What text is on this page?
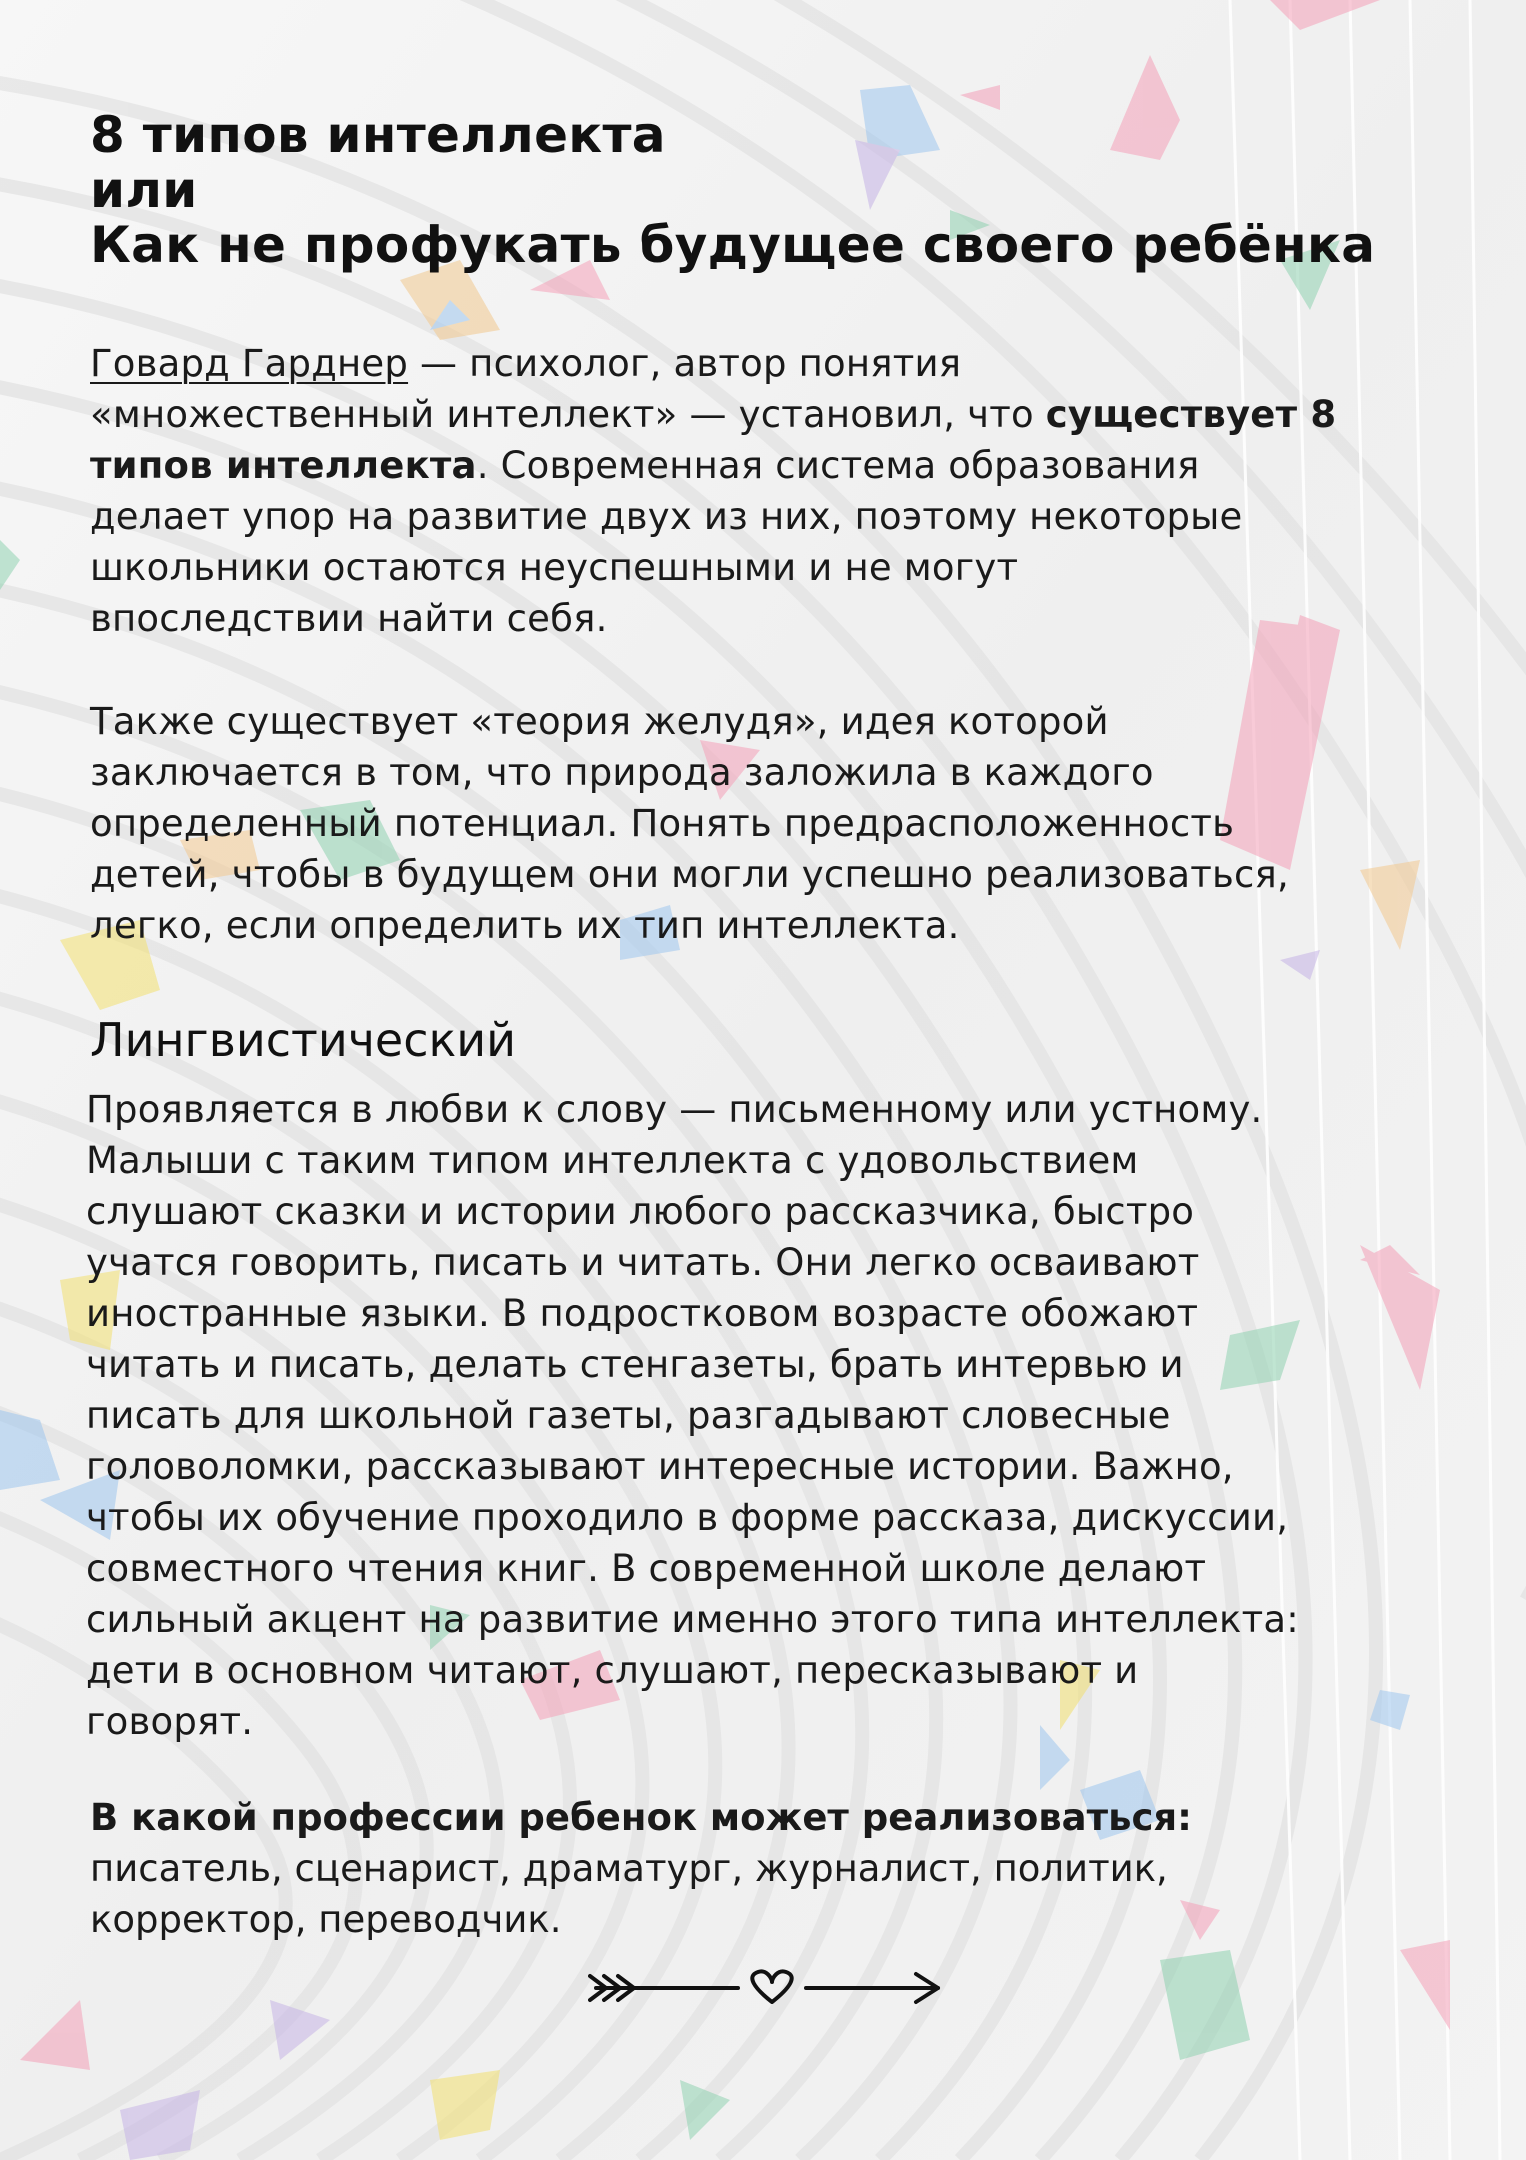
8 типов интеллекта
или
Как не профукать будущее своего ребёнка

Говард Гарднер — психолог, автор понятия
«множественный интеллект» — установил, что существует 8
типов интеллекта. Современная система образования
делает упор на развитие двух из них, поэтому некоторые
школьники остаются неуспешными и не могут
впоследствии найти себя.

Также существует «теория желудя», идея которой
заключается в том, что природа заложила в каждого
определенный потенциал. Понять предрасположенность
детей, чтобы в будущем они могли успешно реализоваться,
легко, если определить их тип интеллекта.

Лингвистический

Проявляется в любви к слову — письменному или устному.
Малыши с таким типом интеллекта с удовольствием
слушают сказки и истории любого рассказчика, быстро
учатся говорить, писать и читать. Они легко осваивают
иностранные языки. В подростковом возрасте обожают
читать и писать, делать стенгазеты, брать интервью и
писать для школьной газеты, разгадывают словесные
головоломки, рассказывают интересные истории. Важно,
чтобы их обучение проходило в форме рассказа, дискуссии,
совместного чтения книг. В современной школе делают
сильный акцент на развитие именно этого типа интеллекта:
дети в основном читают, слушают, пересказывают и
говорят.

В какой профессии ребенок может реализоваться:
писатель, сценарист, драматург, журналист, политик,
корректор, переводчик.
